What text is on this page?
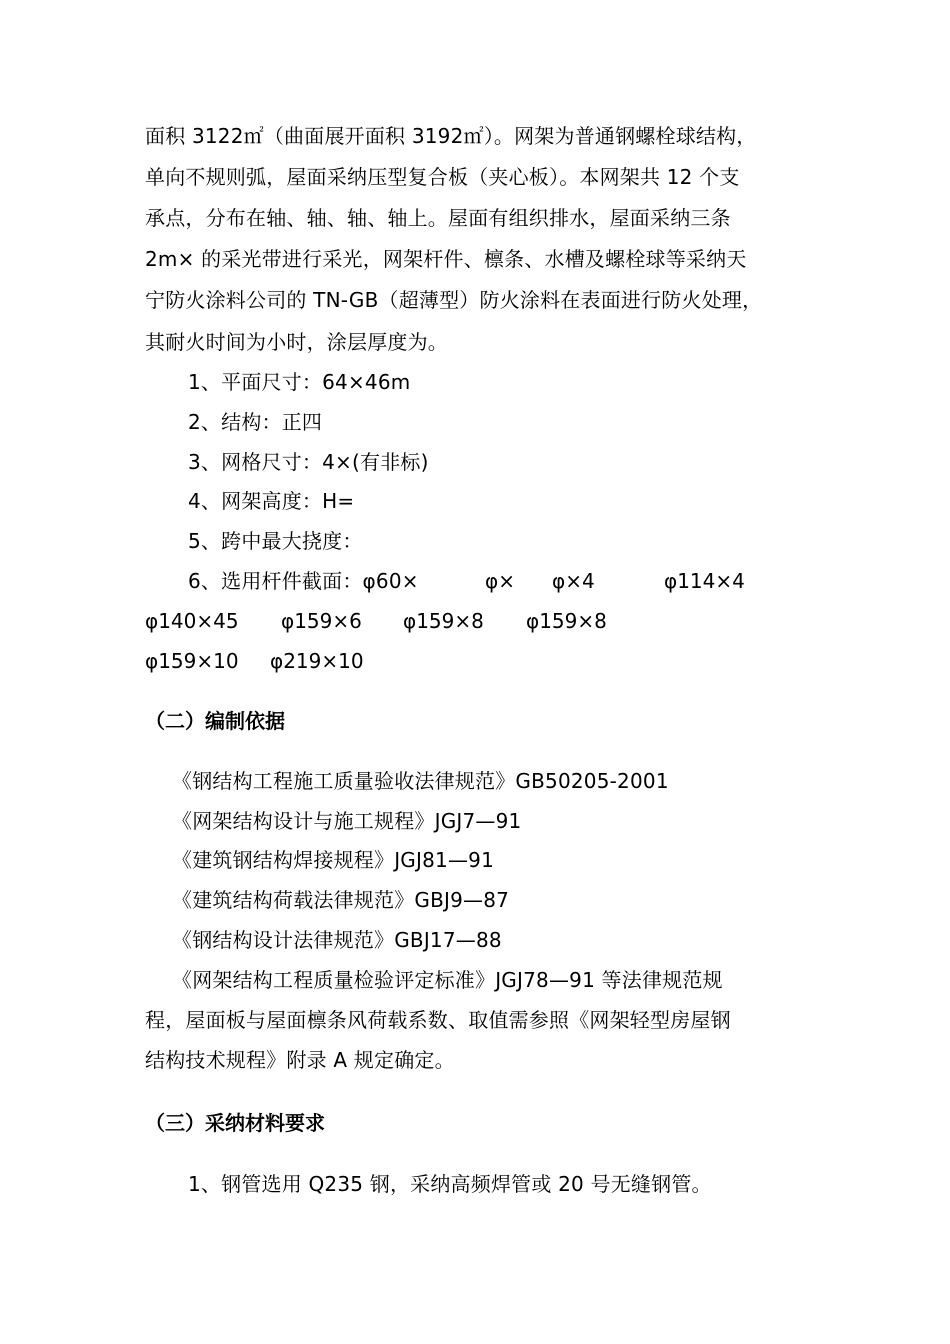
面积 3122㎡（曲面展开面积 3192㎡）。网架为普通钢螺栓球结构，
单向不规则弧，屋面采纳压型复合板（夹心板）。本网架共 12 个支
承点，分布在轴、轴、轴、轴上。屋面有组织排水，屋面采纳三条
2m× 的采光带进行采光，网架杆件、檩条、水槽及螺栓球等采纳天
宁防火涂料公司的 TN-GB（超薄型）防火涂料在表面进行防火处理，
其耐火时间为小时，涂层厚度为。
1、平面尺寸：64×46m
2、结构：正四
3、网格尺寸：4×(有非标)
4、网架高度：H=
5、跨中最大挠度：
6、选用杆件截面：φ60×	φ× φ×4	φ114×4
φ140×45 φ159×6 φ159×8 φ159×8
φ159×10 φ219×10
（二）编制依据
《钢结构工程施工质量验收法律规范》GB50205-2001
《网架结构设计与施工规程》JGJ7—91
《建筑钢结构焊接规程》JGJ81—91
《建筑结构荷载法律规范》GBJ9—87
《钢结构设计法律规范》GBJ17—88
《网架结构工程质量检验评定标准》JGJ78—91 等法律规范规
程，屋面板与屋面檩条风荷载系数、取值需参照《网架轻型房屋钢
结构技术规程》附录 A 规定确定。
（三）采纳材料要求
1、钢管选用 Q235 钢，采纳高频焊管或 20 号无缝钢管。
